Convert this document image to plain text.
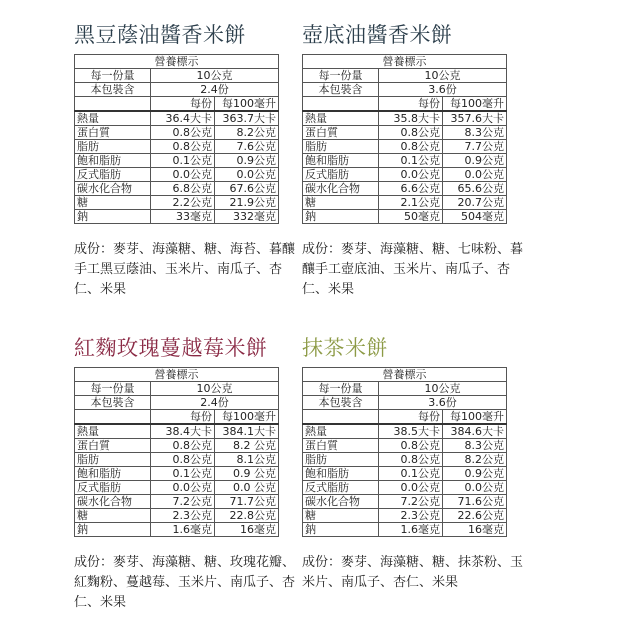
黑豆蔭油醬香米餅
營養標示		
每一份量	10公克	
本包裝含	2.4份	
	每份	每100毫升
熱量	36.4大卡	363.7大卡
蛋白質	0.8公克	8.2公克
脂肪	0.8公克	7.6公克
飽和脂肪	0.1公克	0.9公克
反式脂肪	0.0公克	0.0公克
碳水化合物	6.8公克	67.6公克
糖	2.2公克	21.9公克
鈉	33毫克	332毫克
成份：麥芽、海藻糖、糖、海苔、暮釀手工黑豆蔭油、玉米片、南瓜子、杏仁、米果
壺底油醬香米餅
營養標示		
每一份量	10公克	
本包裝含	3.6份	
	每份	每100毫升
熱量	35.8大卡	357.6大卡
蛋白質	0.8公克	8.3公克
脂肪	0.8公克	7.7公克
飽和脂肪	0.1公克	0.9公克
反式脂肪	0.0公克	0.0公克
碳水化合物	6.6公克	65.6公克
糖	2.1公克	20.7公克
鈉	50毫克	504毫克
成份：麥芽、海藻糖、糖、七味粉、暮釀手工壺底油、玉米片、南瓜子、杏仁、米果
紅麴玫瑰蔓越莓米餅
營養標示		
每一份量	10公克	
本包裝含	2.4份	
	每份	每100毫升
熱量	38.4大卡	384.1大卡
蛋白質	0.8公克	8.2 公克
脂肪	0.8公克	8.1公克
飽和脂肪	0.1公克	0.9 公克
反式脂肪	0.0公克	0.0 公克
碳水化合物	7.2公克	71.7公克
糖	2.3公克	22.8公克
鈉	1.6毫克	16毫克
成份：麥芽、海藻糖、糖、玫瑰花瓣、紅麴粉、蔓越莓、玉米片、南瓜子、杏仁、米果
抹茶米餅
營養標示		
每一份量	10公克	
本包裝含	3.6份	
	每份	每100毫升
熱量	38.5大卡	384.6大卡
蛋白質	0.8公克	8.3公克
脂肪	0.8公克	8.2公克
飽和脂肪	0.1公克	0.9公克
反式脂肪	0.0公克	0.0公克
碳水化合物	7.2公克	71.6公克
糖	2.3公克	22.6公克
鈉	1.6毫克	16毫克
成份：麥芽、海藻糖、糖、抹茶粉、玉米片、南瓜子、杏仁、米果
